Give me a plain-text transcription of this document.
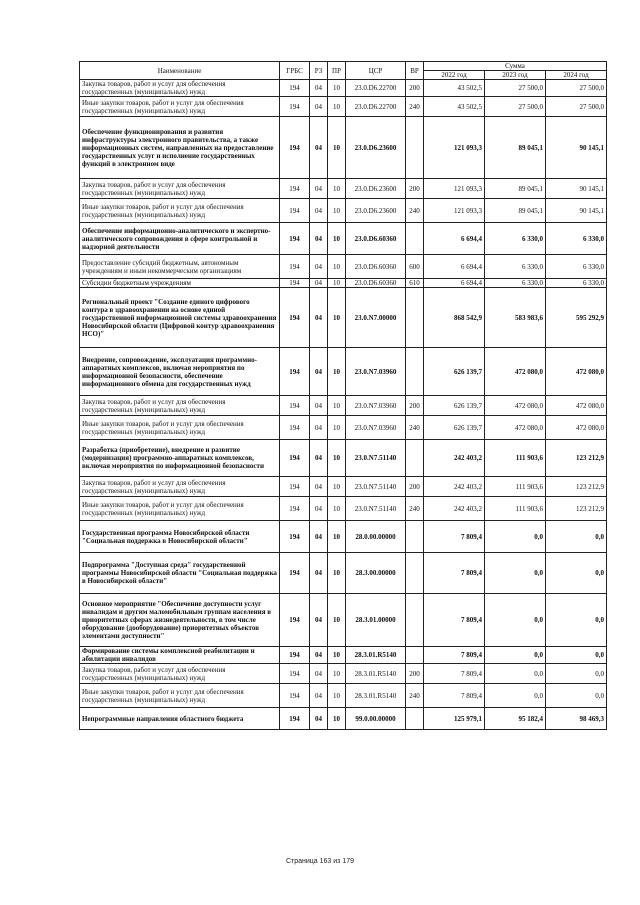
Наименование	ГРБС	РЗ	ПР	ЦСР	ВР	Сумма		
						2022 год	2023 год	2024 год
Закупка товаров, работ и услуг для обеспечения государственных (муниципальных) нужд	194	04	10	23.0.D6.22700	200	43 502,5	27 500,0	27 500,0
Иные закупки товаров, работ и услуг для обеспечения государственных (муниципальных) нужд	194	04	10	23.0.D6.22700	240	43 502,5	27 500,0	27 500,0
Обеспечение функционирования и развития инфраструктуры электронного правительства, а также информационных систем, направленных на предоставление государственных услуг и исполнение государственных функций в электронном виде	194	04	10	23.0.D6.23600		121 093,3	89 045,1	90 145,1
Закупка товаров, работ и услуг для обеспечения государственных (муниципальных) нужд	194	04	10	23.0.D6.23600	200	121 093,3	89 045,1	90 145,1
Иные закупки товаров, работ и услуг для обеспечения государственных (муниципальных) нужд	194	04	10	23.0.D6.23600	240	121 093,3	89 045,1	90 145,1
Обеспечение информационно-аналитического и экспертно-аналитического сопровождения в сфере контрольной и надзорной деятельности	194	04	10	23.0.D6.60360		6 694,4	6 330,0	6 330,0
Предоставление субсидий бюджетным, автономным учреждениям и иным некоммерческим организациям	194	04	10	23.0.D6.60360	600	6 694,4	6 330,0	6 330,0
Субсидии бюджетным учреждениям	194	04	10	23.0.D6.60360	610	6 694,4	6 330,0	6 330,0
Региональный проект "Создание единого цифрового контура в здравоохранении на основе единой государственной информационной системы здравоохранения Новосибирской области (Цифровой контур здравоохранения НСО)"	194	04	10	23.0.N7.00000		868 542,9	583 983,6	595 292,9
Внедрение, сопровождение, эксплуатация программно-аппаратных комплексов, включая мероприятия по информационной безопасности, обеспечение информационного обмена для государственных нужд	194	04	10	23.0.N7.03960		626 139,7	472 080,0	472 080,0
Закупка товаров, работ и услуг для обеспечения государственных (муниципальных) нужд	194	04	10	23.0.N7.03960	200	626 139,7	472 080,0	472 080,0
Иные закупки товаров, работ и услуг для обеспечения государственных (муниципальных) нужд	194	04	10	23.0.N7.03960	240	626 139,7	472 080,0	472 080,0
Разработка (приобретение), внедрение и развитие (модернизация) программно-аппаратных комплексов, включая мероприятия по информационной безопасности	194	04	10	23.0.N7.51140		242 403,2	111 903,6	123 212,9
Закупка товаров, работ и услуг для обеспечения государственных (муниципальных) нужд	194	04	10	23.0.N7.51140	200	242 403,2	111 903,6	123 212,9
Иные закупки товаров, работ и услуг для обеспечения государственных (муниципальных) нужд	194	04	10	23.0.N7.51140	240	242 403,2	111 903,6	123 212,9
Государственная программа Новосибирской области "Социальная поддержка в Новосибирской области"	194	04	10	28.0.00.00000		7 809,4	0,0	0,0
Подпрограмма "Доступная среда" государственной программы Новосибирской области "Социальная поддержка в Новосибирской области"	194	04	10	28.3.00.00000		7 809,4	0,0	0,0
Основное мероприятие "Обеспечение доступности услуг инвалидам и другим маломобильным группам населения в приоритетных сферах жизнедеятельности, в том числе оборудование (дооборудование) приоритетных объектов элементами доступности"	194	04	10	28.3.01.00000		7 809,4	0,0	0,0
Формирование системы комплексной реабилитации и абилитации инвалидов	194	04	10	28.3.01.R5140		7 809,4	0,0	0,0
Закупка товаров, работ и услуг для обеспечения государственных (муниципальных) нужд	194	04	10	28.3.01.R5140	200	7 809,4	0,0	0,0
Иные закупки товаров, работ и услуг для обеспечения государственных (муниципальных) нужд	194	04	10	28.3.01.R5140	240	7 809,4	0,0	0,0
Непрограммные направления областного бюджета	194	04	10	99.0.00.00000		125 979,1	95 182,4	98 469,3
Страница 163 из 179
